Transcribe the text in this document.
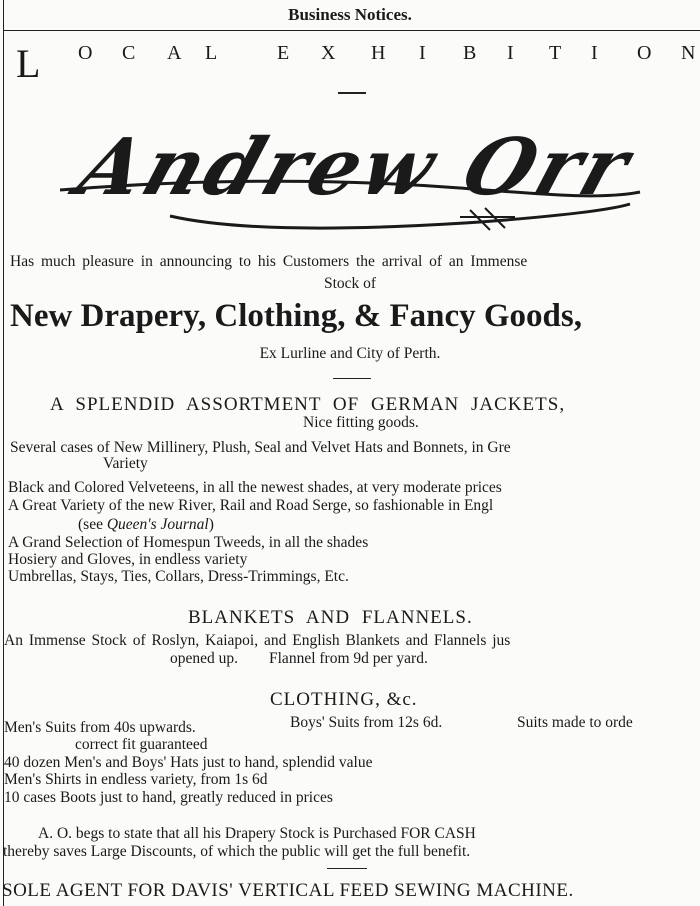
Business Notices.
L O C A L	E X H I B I T I O N
Andrew Orr
Has much pleasure in announcing to his Customers the arrival of an Immense
Stock of
New Drapery, Clothing, & Fancy Goods,
Ex Lurline and City of Perth.
A SPLENDID ASSORTMENT OF GERMAN JACKETS,
Nice fitting goods.
Several cases of New Millinery, Plush, Seal and Velvet Hats and Bonnets, in Gre
Variety
Black and Colored Velveteens, in all the newest shades, at very moderate prices
A Great Variety of the new River, Rail and Road Serge, so fashionable in Engl
(see Queen's Journal)
A Grand Selection of Homespun Tweeds, in all the shades
Hosiery and Gloves, in endless variety
Umbrellas, Stays, Ties, Collars, Dress-Trimmings, Etc.
BLANKETS AND FLANNELS.
An Immense Stock of Roslyn, Kaiapoi, and English Blankets and Flannels jus
opened up.        Flannel from 9d per yard.
CLOTHING, &c.
Men's Suits from 40s upwards.	Boys' Suits from 12s 6d.	Suits made to orde
correct fit guaranteed
40 dozen Men's and Boys' Hats just to hand, splendid value
Men's Shirts in endless variety, from 1s 6d
10 cases Boots just to hand, greatly reduced in prices
A. O. begs to state that all his Drapery Stock is Purchased FOR CASH
thereby saves Large Discounts, of which the public will get the full benefit.
SOLE AGENT FOR DAVIS' VERTICAL FEED SEWING MACHINE.
